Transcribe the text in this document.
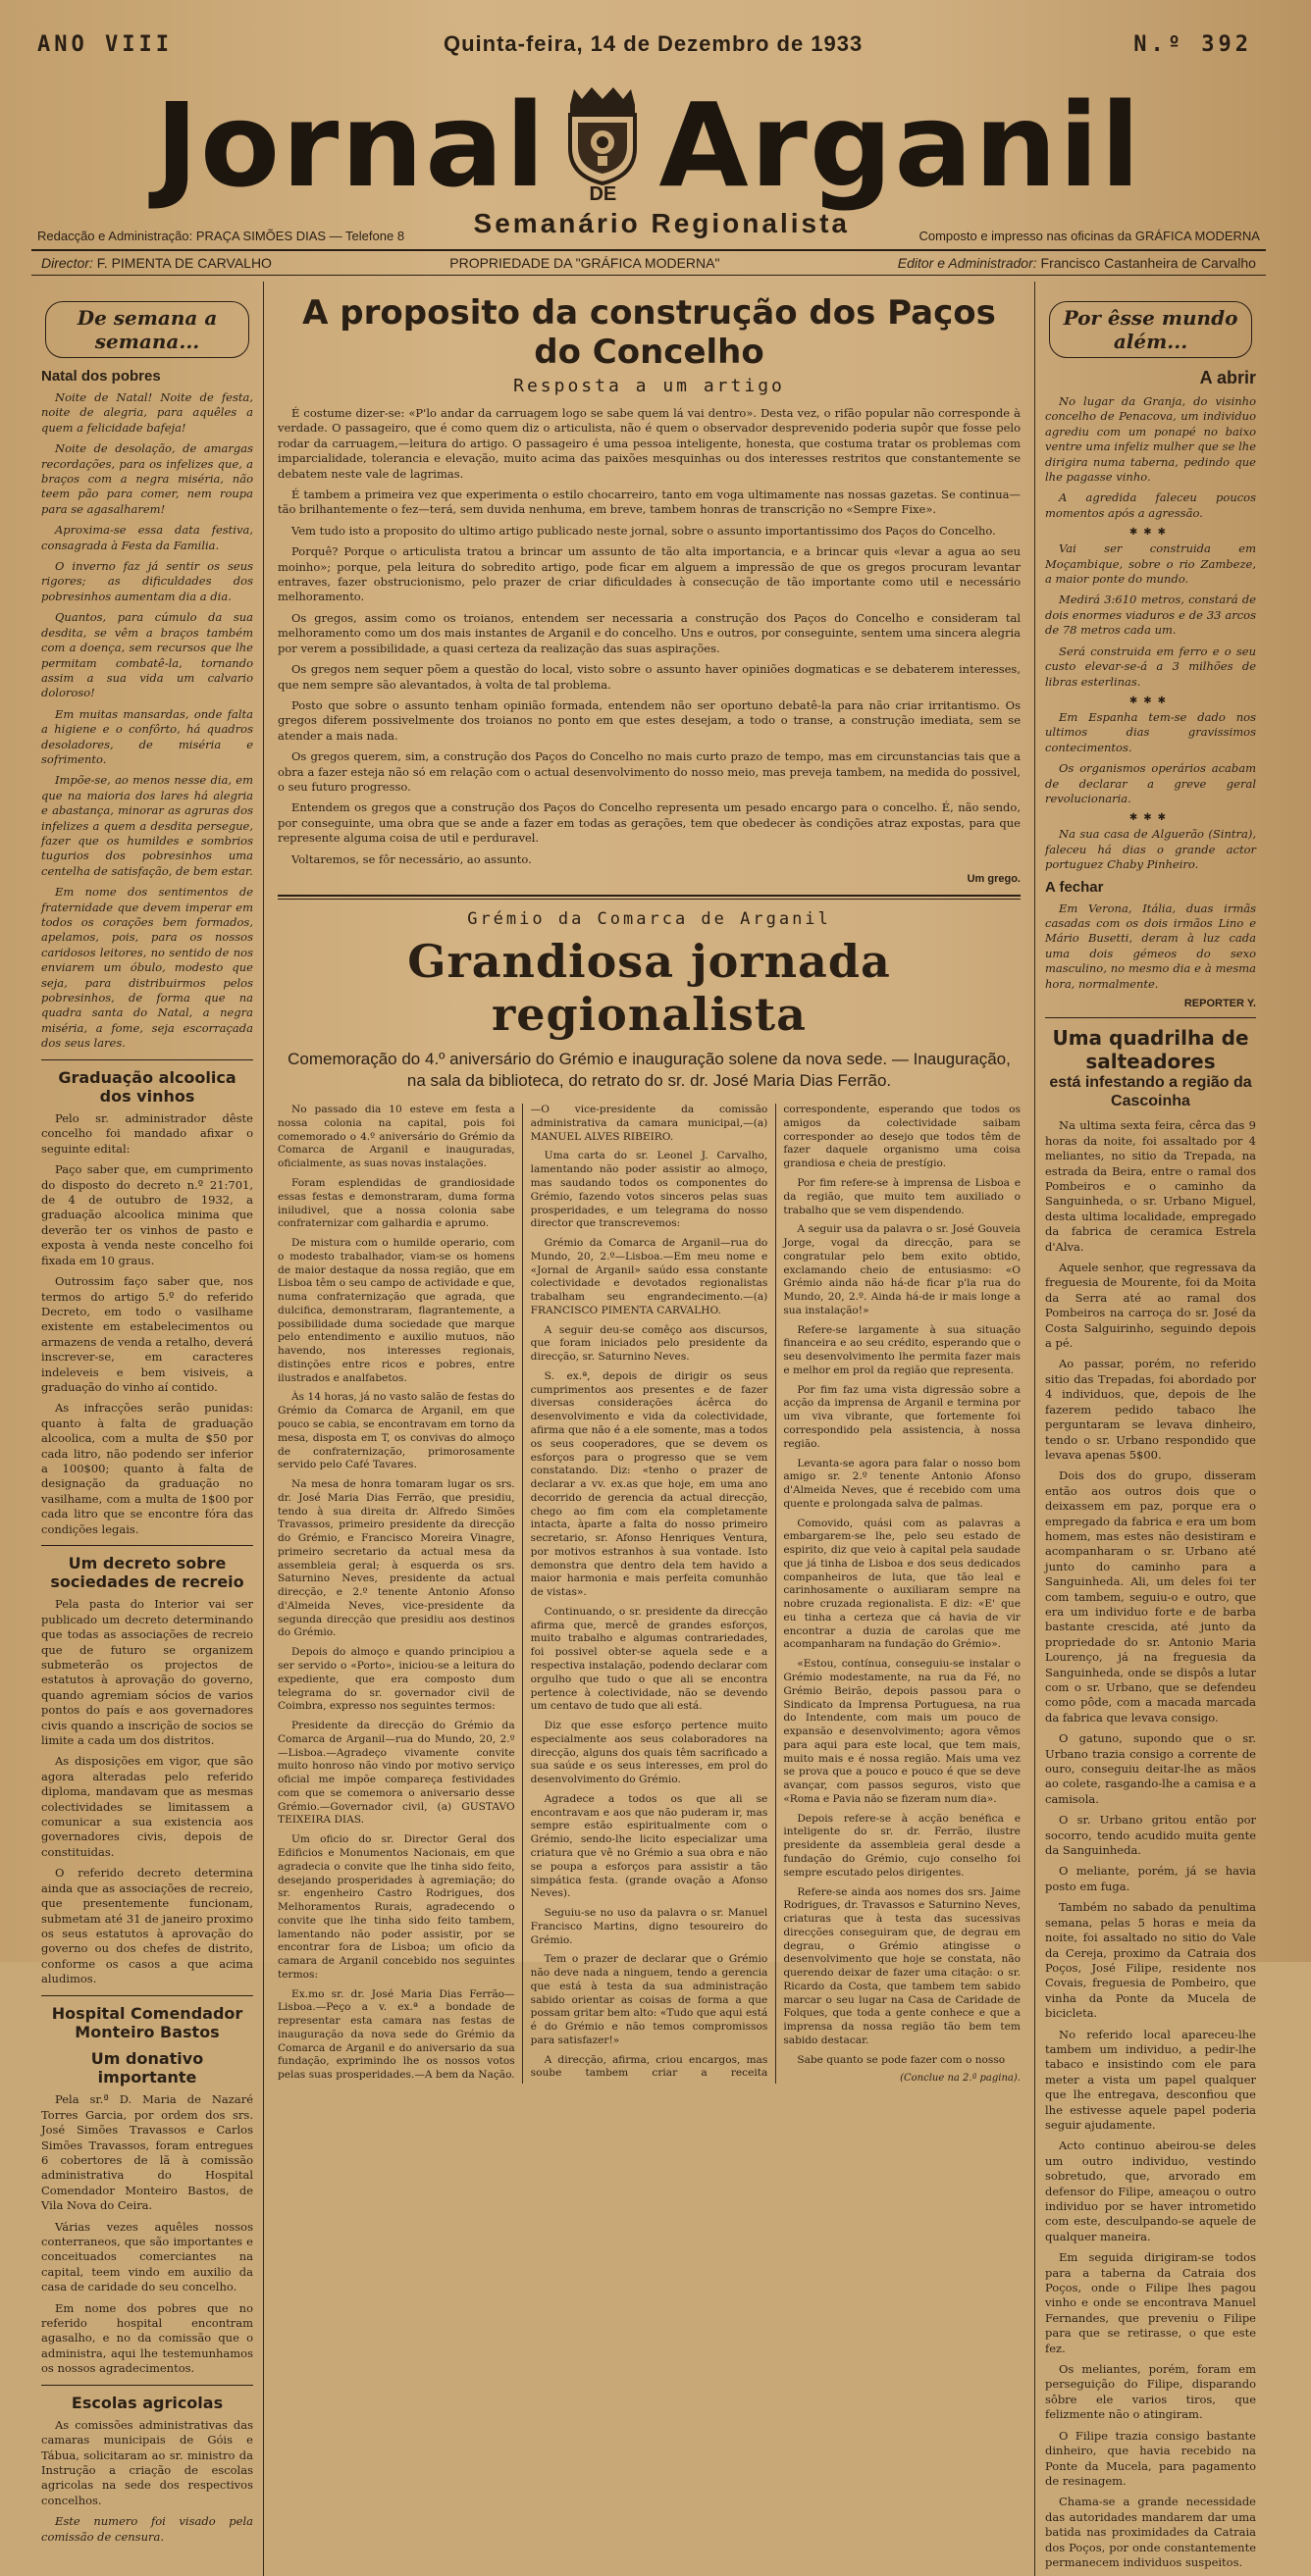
ANO VIII	Quinta-feira, 14 de Dezembro de 1933	N.º 392
Jornal DE Arganil
Redacção e Administração: PRAÇA SIMÕES DIAS — Telefone 8	Semanário Regionalista	Composto e impresso nas oficinas da GRÁFICA MODERNA
Director: F. PIMENTA DE CARVALHO	PROPRIEDADE DA "GRÁFICA MODERNA"	Editor e Administrador: Francisco Castanheira de Carvalho
De semana a semana...
Natal dos pobres

Noite de Natal! Noite de festa, noite de alegria, para aquêles a quem a felicidade bafeja!

Noite de desolação, de amargas recordações, para os infelizes que, a braços com a negra miséria, não teem pão para comer, nem roupa para se agasalharem!

Aproxima-se essa data festiva, consagrada à Festa da Familia.

O inverno faz já sentir os seus rigores; as dificuldades dos pobresinhos aumentam dia a dia.

Quantos, para cúmulo da sua desdita, se vêm a braços também com a doença, sem recursos que lhe permitam combatê-la, tornando assim a sua vida um calvario doloroso!

Em muitas mansardas, onde falta a higiene e o confôrto, há quadros desoladores, de miséria e sofrimento.

Impõe-se, ao menos nesse dia, em que na maioria dos lares há alegria e abastança, minorar as agruras dos infelizes a quem a desdita persegue, fazer que os humildes e sombrios tugurios dos pobresinhos uma centelha de satisfação, de bem estar.

Em nome dos sentimentos de fraternidade que devem imperar em todos os corações bem formados, apelamos, pois, para os nossos caridosos leitores, no sentido de nos enviarem um óbulo, modesto que seja, para distribuirmos pelos pobresinhos, de forma que na quadra santa do Natal, a negra miséria, a fome, seja escorraçada dos seus lares.

Graduação alcoolica dos vinhos

Pelo sr. administrador dêste concelho foi mandado afixar o seguinte edital:

Paço saber que, em cumprimento do disposto do decreto n.º 21:701, de 4 de outubro de 1932, a graduação alcoolica minima que deverão ter os vinhos de pasto e exposta à venda neste concelho foi fixada em 10 graus.

Outrossim faço saber que, nos termos do artigo 5.º do referido Decreto, em todo o vasilhame existente em estabelecimentos ou armazens de venda a retalho, deverá inscrever-se, em caracteres indeleveis e bem visiveis, a graduação do vinho aí contido.

As infracções serão punidas: quanto à falta de graduação alcoolica, com a multa de $50 por cada litro, não podendo ser inferior a 100$00; quanto à falta de designação da graduação no vasilhame, com a multa de 1$00 por cada litro que se encontre fóra das condições legais.

Um decreto sobre sociedades de recreio

Pela pasta do Interior vai ser publicado um decreto determinando que todas as associações de recreio que de futuro se organizem submeterão os projectos de estatutos à aprovação do governo, quando agremiam sócios de varios pontos do país e aos governadores civis quando a inscrição de socios se limite a cada um dos distritos.

As disposições em vigor, que são agora alteradas pelo referido diploma, mandavam que as mesmas colectividades se limitassem a comunicar a sua existencia aos governadores civis, depois de constituidas.

O referido decreto determina ainda que as associações de recreio, que presentemente funcionam, submetam até 31 de janeiro proximo os seus estatutos à aprovação do governo ou dos chefes de distrito, conforme os casos a que acima aludimos.

Hospital Comendador Monteiro Bastos
Um donativo importante

Pela sr.ª D. Maria de Nazaré Torres Garcia, por ordem dos srs. José Simões Travassos e Carlos Simões Travassos, foram entregues 6 cobertores de lã à comissão administrativa do Hospital Comendador Monteiro Bastos, de Vila Nova do Ceira.

Várias vezes aquêles nossos conterraneos, que são importantes e conceituados comerciantes na capital, teem vindo em auxilio da casa de caridade do seu concelho.

Em nome dos pobres que no referido hospital encontram agasalho, e no da comissão que o administra, aqui lhe testemunhamos os nossos agradecimentos.

Escolas agricolas

As comissões administrativas das camaras municipais de Góis e Tábua, solicitaram ao sr. ministro da Instrução a criação de escolas agricolas na sede dos respectivos concelhos.

Este numero foi visado pela comissão de censura.

A proposito da construção dos Paços do Concelho
Resposta a um artigo

É costume dizer-se: «P'lo andar da carruagem logo se sabe quem lá vai dentro». Desta vez, o rifão popular não corresponde à verdade. O passageiro, que é como quem diz o articulista, não é quem o observador desprevenido poderia supôr que fosse pelo rodar da carruagem,—leitura do artigo. O passageiro é uma pessoa inteligente, honesta, que costuma tratar os problemas com imparcialidade, tolerancia e elevação, muito acima das paixões mesquinhas ou dos interesses restritos que constantemente se debatem neste vale de lagrimas.

É tambem a primeira vez que experimenta o estilo chocarreiro, tanto em voga ultimamente nas nossas gazetas. Se continua—tão brilhantemente o fez—terá, sem duvida nenhuma, em breve, tambem honras de transcrição no «Sempre Fixe».

Vem tudo isto a proposito do ultimo artigo publicado neste jornal, sobre o assunto importantissimo dos Paços do Concelho.

Porquê? Porque o articulista tratou a brincar um assunto de tão alta importancia, e a brincar quis «levar a agua ao seu moinho»; porque, pela leitura do sobredito artigo, pode ficar em alguem a impressão de que os gregos procuram levantar entraves, fazer obstrucionismo, pelo prazer de criar dificuldades à consecução de tão importante como util e necessário melhoramento.

Os gregos, assim como os troianos, entendem ser necessaria a construção dos Paços do Concelho e consideram tal melhoramento como um dos mais instantes de Arganil e do concelho. Uns e outros, por conseguinte, sentem uma sincera alegria por verem a possibilidade, a quasi certeza da realização das suas aspirações.

Os gregos nem sequer põem a questão do local, visto sobre o assunto haver opiniões dogmaticas e se debaterem interesses, que nem sempre são alevantados, à volta de tal problema.

Posto que sobre o assunto tenham opinião formada, entendem não ser oportuno debatê-la para não criar irritantismo. Os gregos diferem possivelmente dos troianos no ponto em que estes desejam, a todo o transe, a construção imediata, sem se atender a mais nada.

Os gregos querem, sim, a construção dos Paços do Concelho no mais curto prazo de tempo, mas em circunstancias tais que a obra a fazer esteja não só em relação com o actual desenvolvimento do nosso meio, mas preveja tambem, na medida do possivel, o seu futuro progresso.

Entendem os gregos que a construção dos Paços do Concelho representa um pesado encargo para o concelho. É, não sendo, por conseguinte, uma obra que se ande a fazer em todas as gerações, tem que obedecer às condições atraz expostas, para que represente alguma coisa de util e perduravel.

Voltaremos, se fôr necessário, ao assunto.

Um grego.
Grémio da Comarca de Arganil
Grandiosa jornada regionalista
Comemoração do 4.º aniversário do Grémio e inauguração solene da nova sede. — Inauguração, na sala da biblioteca, do retrato do sr. dr. José Maria Dias Ferrão.

No passado dia 10 esteve em festa a nossa colonia na capital, pois foi comemorado o 4.º aniversário do Grémio da Comarca de Arganil e inauguradas, oficialmente, as suas novas instalações.

Foram esplendidas de grandiosidade essas festas e demonstraram, duma forma iniludivel, que a nossa colonia sabe confraternizar com galhardia e aprumo.

De mistura com o humilde operario, com o modesto trabalhador, viam-se os homens de maior destaque da nossa região, que em Lisboa têm o seu campo de actividade e que, numa confraternização que agrada, que dulcifica, demonstraram, flagrantemente, a possibilidade duma sociedade que marque pelo entendimento e auxilio mutuos, não havendo, nos interesses regionais, distinções entre ricos e pobres, entre ilustrados e analfabetos.

Às 14 horas, já no vasto salão de festas do Grémio da Comarca de Arganil, em que pouco se cabia, se encontravam em torno da mesa, disposta em T, os convivas do almoço de confraternização, primorosamente servido pelo Café Tavares.

Na mesa de honra tomaram lugar os srs. dr. José Maria Dias Ferrão, que presidiu, tendo à sua direita dr. Alfredo Simões Travassos, primeiro presidente da direcção do Grémio, e Francisco Moreira Vinagre, primeiro secretario da actual mesa da assembleia geral; à esquerda os srs. Saturnino Neves, presidente da actual direcção, e 2.º tenente Antonio Afonso d'Almeida Neves, vice-presidente da segunda direcção que presidiu aos destinos do Grémio.

Depois do almoço e quando principiou a ser servido o «Porto», iniciou-se a leitura do expediente, que era composto dum telegrama do sr. governador civil de Coimbra, expresso nos seguintes termos:

Presidente da direcção do Grémio da Comarca de Arganil—rua do Mundo, 20, 2.º—Lisboa.—Agradeço vivamente convite muito honroso não vindo por motivo serviço oficial me impõe compareça festividades com que se comemora o aniversario desse Grémio.—Governador civil, (a) GUSTAVO TEIXEIRA DIAS.

Um oficio do sr. Director Geral dos Edificios e Monumentos Nacionais, em que agradecia o convite que lhe tinha sido feito, desejando prosperidades à agremiação; do sr. engenheiro Castro Rodrigues, dos Melhoramentos Rurais, agradecendo o convite que lhe tinha sido feito tambem, lamentando não poder assistir, por se encontrar fora de Lisboa; um oficio da camara de Arganil concebido nos seguintes termos:

Ex.mo sr. dr. José Maria Dias Ferrão—Lisboa.—Peço a v. ex.ª a bondade de representar esta camara nas festas de inauguração da nova sede do Grémio da Comarca de Arganil e do aniversario da sua fundação, exprimindo lhe os nossos votos pelas suas prosperidades.—A bem da Nação.—O vice-presidente da comissão administrativa da camara municipal,—(a) MANUEL ALVES RIBEIRO.

Uma carta do sr. Leonel J. Carvalho, lamentando não poder assistir ao almoço, mas saudando todos os componentes do Grémio, fazendo votos sinceros pelas suas prosperidades, e um telegrama do nosso director que transcrevemos:

Grémio da Comarca de Arganil—rua do Mundo, 20, 2.º—Lisboa.—Em meu nome e «Jornal de Arganil» saúdo essa constante colectividade e devotados regionalistas trabalham seu engrandecimento.—(a) FRANCISCO PIMENTA CARVALHO.

A seguir deu-se comêço aos discursos, que foram iniciados pelo presidente da direcção, sr. Saturnino Neves.

S. ex.ª, depois de dirigir os seus cumprimentos aos presentes e de fazer diversas considerações ácêrca do desenvolvimento e vida da colectividade, afirma que não é a ele somente, mas a todos os seus cooperadores, que se devem os esforços para o progresso que se vem constatando. Diz: «tenho o prazer de declarar a vv. ex.as que hoje, em uma ano decorrido de gerencia da actual direcção, chego ao fim com ela completamente intacta, àparte a falta do nosso primeiro secretario, sr. Afonso Henriques Ventura, por motivos estranhos à sua vontade. Isto demonstra que dentro dela tem havido a maior harmonia e mais perfeita comunhão de vistas».

Continuando, o sr. presidente da direcção afirma que, mercê de grandes esforços, muito trabalho e algumas contrariedades, foi possivel obter-se aquela sede e a respectiva instalação, podendo declarar com orgulho que tudo o que ali se encontra pertence à colectividade, não se devendo um centavo de tudo que ali está.

Diz que esse esforço pertence muito especialmente aos seus colaboradores na direcção, alguns dos quais têm sacrificado a sua saúde e os seus interesses, em prol do desenvolvimento do Grémio.

Agradece a todos os que ali se encontravam e aos que não puderam ir, mas sempre estão espiritualmente com o Grémio, sendo-lhe licito especializar uma criatura que vê no Grémio a sua obra e não se poupa a esforços para assistir a tão simpática festa. (grande ovação a Afonso Neves).

Seguiu-se no uso da palavra o sr. Manuel Francisco Martins, digno tesoureiro do Grémio.

Tem o prazer de declarar que o Grémio não deve nada a ninguem, tendo a gerencia que está à testa da sua administração sabido orientar as coisas de forma a que possam gritar bem alto: «Tudo que aqui está é do Grémio e não temos compromissos para satisfazer!»

A direcção, afirma, criou encargos, mas soube tambem criar a receita correspondente, esperando que todos os amigos da colectividade saibam corresponder ao desejo que todos têm de fazer daquele organismo uma coisa grandiosa e cheia de prestígio.

Por fim refere-se à imprensa de Lisboa e da região, que muito tem auxiliado o trabalho que se vem dispendendo.

A seguir usa da palavra o sr. José Gouveia Jorge, vogal da direcção, para se congratular pelo bem exito obtido, exclamando cheio de entusiasmo: «O Grémio ainda não há-de ficar p'la rua do Mundo, 20, 2.º. Ainda há-de ir mais longe a sua instalação!»

Refere-se largamente à sua situação financeira e ao seu crédito, esperando que o seu desenvolvimento lhe permita fazer mais e melhor em prol da região que representa.

Por fim faz uma vista digressão sobre a acção da imprensa de Arganil e termina por um viva vibrante, que fortemente foi correspondido pela assistencia, à nossa região.

Levanta-se agora para falar o nosso bom amigo sr. 2.º tenente Antonio Afonso d'Almeida Neves, que é recebido com uma quente e prolongada salva de palmas.

Comovido, quási com as palavras a embargarem-se lhe, pelo seu estado de espirito, diz que veio à capital pela saudade que já tinha de Lisboa e dos seus dedicados companheiros de luta, que tão leal e carinhosamente o auxiliaram sempre na nobre cruzada regionalista. E diz: «E' que eu tinha a certeza que cá havia de vir encontrar a duzia de carolas que me acompanharam na fundação do Grémio».

«Estou, contínua, conseguiu-se instalar o Grémio modestamente, na rua da Fé, no Grémio Beirão, depois passou para o Sindicato da Imprensa Portuguesa, na rua do Intendente, com mais um pouco de expansão e desenvolvimento; agora vêmos para aqui para este local, que tem mais, muito mais e é nossa região. Mais uma vez se prova que a pouco e pouco é que se deve avançar, com passos seguros, visto que «Roma e Pavia não se fizeram num dia».

Depois refere-se à acção benéfica e inteligente do sr. dr. Ferrão, ilustre presidente da assembleia geral desde a fundação do Grémio, cujo conselho foi sempre escutado pelos dirigentes.

Refere-se ainda aos nomes dos srs. Jaime Rodrigues, dr. Travassos e Saturnino Neves, criaturas que à testa das sucessivas direcções conseguiram que, de degrau em degrau, o Grémio atingisse o desenvolvimento que hoje se constata, não querendo deixar de fazer uma citação: o sr. Ricardo da Costa, que tambem tem sabido marcar o seu lugar na Casa de Caridade de Folques, que toda a gente conhece e que a imprensa da nossa região tão bem tem sabido destacar.

Sabe quanto se pode fazer com o nosso

(Conclue na 2.ª pagina).
Por êsse mundo além...
A abrir

No lugar da Granja, do visinho concelho de Penacova, um individuo agrediu com um ponapé no baixo ventre uma infeliz mulher que se lhe dirigira numa taberna, pedindo que lhe pagasse vinho.

A agredida faleceu poucos momentos após a agressão.

✱✱✱

Vai ser construida em Moçambique, sobre o rio Zambeze, a maior ponte do mundo.

Medirá 3:610 metros, constará de dois enormes viaduros e de 33 arcos de 78 metros cada um.

Será construida em ferro e o seu custo elevar-se-á a 3 milhões de libras esterlinas.

✱✱✱

Em Espanha tem-se dado nos ultimos dias gravissimos contecimentos.

Os organismos operários acabam de declarar a greve geral revolucionaria.

✱✱✱

Na sua casa de Alguerão (Sintra), faleceu há dias o grande actor portuguez Chaby Pinheiro.

A fechar

Em Verona, Itália, duas irmãs casadas com os dois irmãos Lino e Mário Busetti, deram à luz cada uma dois gémeos do sexo masculino, no mesmo dia e à mesma hora, normalmente.

REPORTER Y.
Uma quadrilha de salteadores
está infestando a região da Cascoinha

Na ultima sexta feira, cêrca das 9 horas da noite, foi assaltado por 4 meliantes, no sitio da Trepada, na estrada da Beira, entre o ramal dos Pombeiros e o caminho da Sanguinheda, o sr. Urbano Miguel, desta ultima localidade, empregado da fabrica de ceramica Estrela d'Alva.

Aquele senhor, que regressava da freguesia de Mourente, foi da Moita da Serra até ao ramal dos Pombeiros na carroça do sr. José da Costa Salguirinho, seguindo depois a pé.

Ao passar, porém, no referido sitio das Trepadas, foi abordado por 4 individuos, que, depois de lhe fazerem pedido tabaco lhe perguntaram se levava dinheiro, tendo o sr. Urbano respondido que levava apenas 5$00.

Dois dos do grupo, disseram então aos outros dois que o deixassem em paz, porque era o empregado da fabrica e era um bom homem, mas estes não desistiram e acompanharam o sr. Urbano até junto do caminho para a Sanguinheda. Ali, um deles foi ter com tambem, seguiu-o e outro, que era um individuo forte e de barba bastante crescida, até junto da propriedade do sr. Antonio Maria Lourenço, já na freguesia da Sanguinheda, onde se dispôs a lutar com o sr. Urbano, que se defendeu como pôde, com a macada marcada da fabrica que levava consigo.

O gatuno, supondo que o sr. Urbano trazia consigo a corrente de ouro, conseguiu deitar-lhe as mãos ao colete, rasgando-lhe a camisa e a camisola.

O sr. Urbano gritou então por socorro, tendo acudido muita gente da Sanguinheda.

O meliante, porém, já se havia posto em fuga.

Também no sabado da penultima semana, pelas 5 horas e meia da noite, foi assaltado no sitio do Vale da Cereja, proximo da Catraia dos Poços, José Filipe, residente nos Covais, freguesia de Pombeiro, que vinha da Ponte da Mucela de bicicleta.

No referido local apareceu-lhe tambem um individuo, a pedir-lhe tabaco e insistindo com ele para meter a vista um papel qualquer que lhe entregava, desconfiou que lhe estivesse aquele papel poderia seguir ajudamente.

Acto continuo abeirou-se deles um outro individuo, vestindo sobretudo, que, arvorado em defensor do Filipe, ameaçou o outro individuo por se haver intrometido com este, desculpando-se aquele de qualquer maneira.

Em seguida dirigiram-se todos para a taberna da Catraia dos Poços, onde o Filipe lhes pagou vinho e onde se encontrava Manuel Fernandes, que preveniu o Filipe para que se retirasse, o que este fez.

Os meliantes, porém, foram em perseguição do Filipe, disparando sôbre ele varios tiros, que felizmente não o atingiram.

O Filipe trazia consigo bastante dinheiro, que havia recebido na Ponte da Mucela, para pagamento de resinagem.

Chama-se a grande necessidade das autoridades mandarem dar uma batida nas proximidades da Catraia dos Poços, por onde constantemente permanecem individuos suspeitos.
